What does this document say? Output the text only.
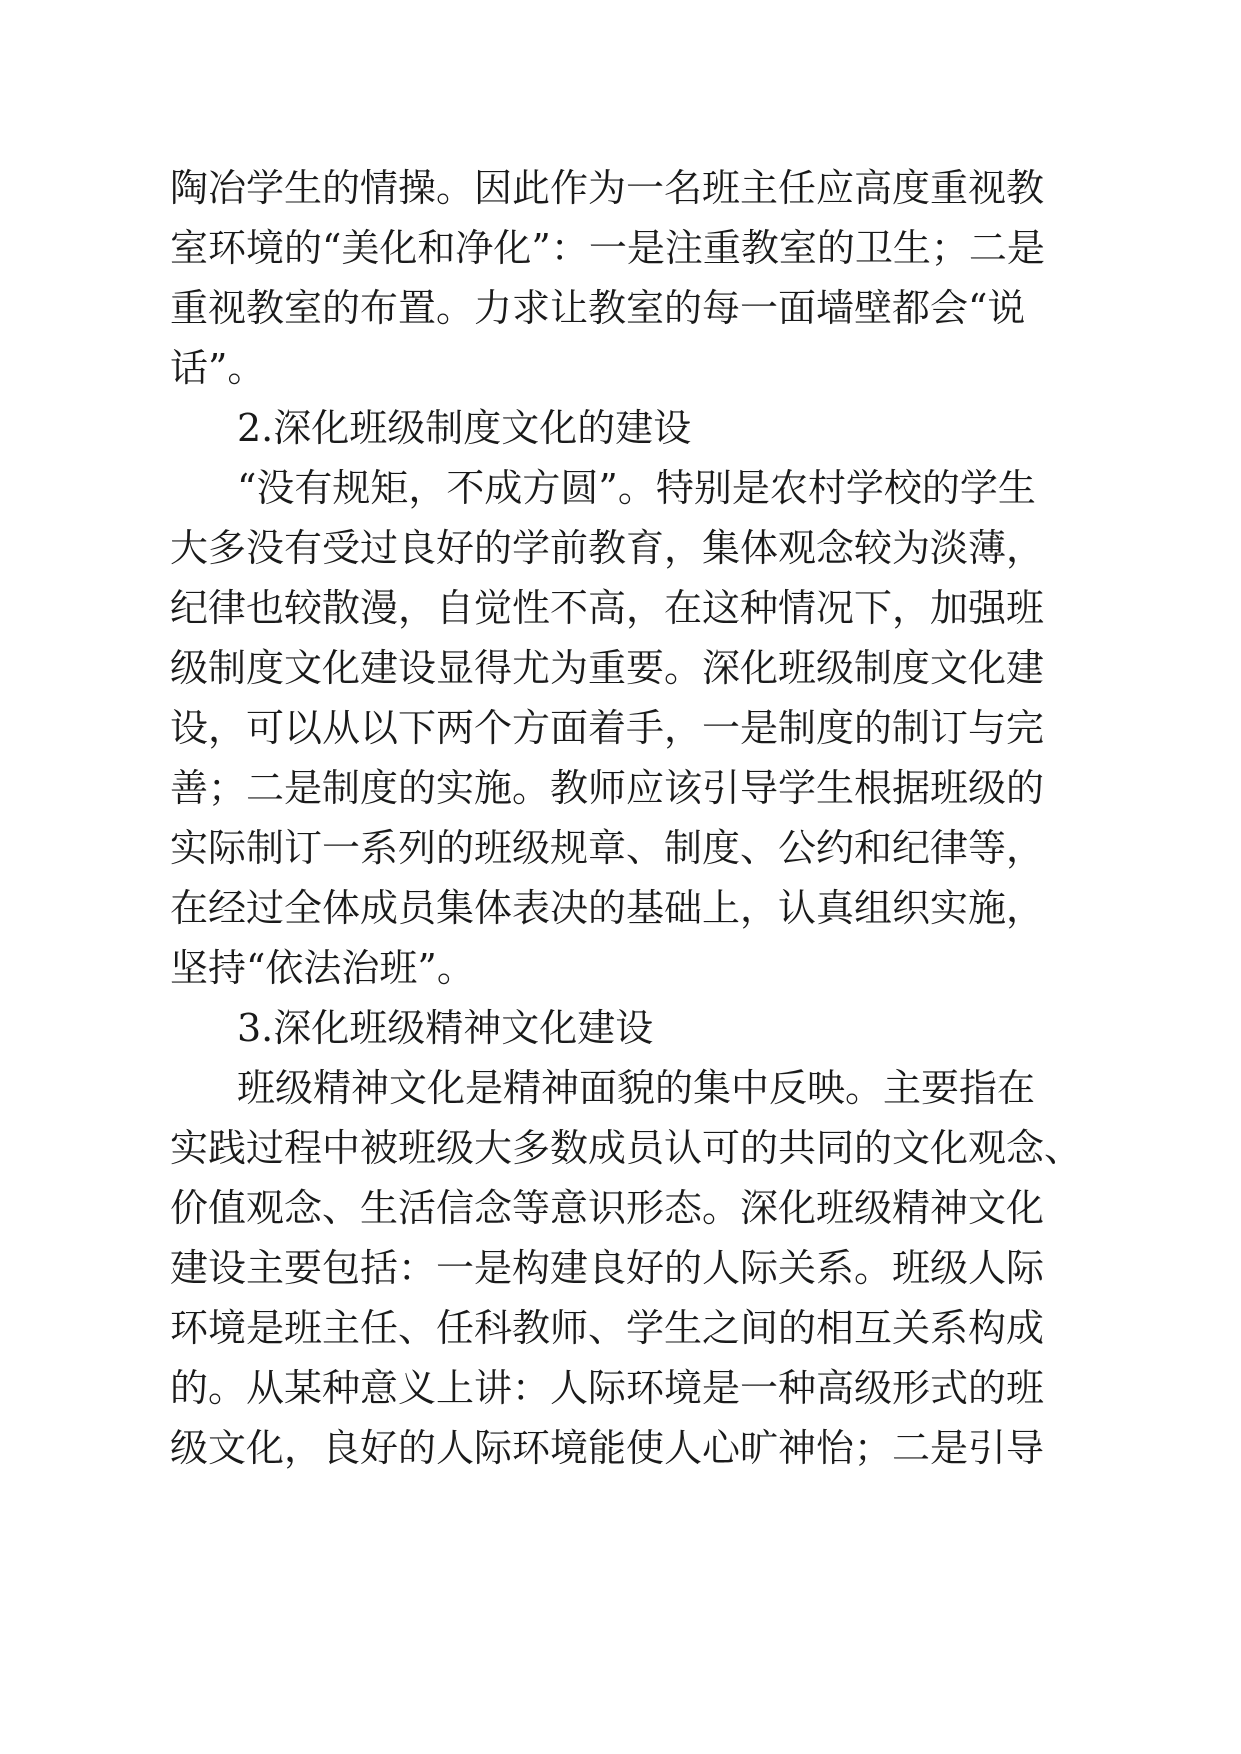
陶冶学生的情操。因此作为一名班主任应高度重视教
室环境的“美化和净化”：一是注重教室的卫生；二是
重视教室的布置。力求让教室的每一面墙壁都会“说
话”。
2.深化班级制度文化的建设
“没有规矩，不成方圆”。特别是农村学校的学生
大多没有受过良好的学前教育，集体观念较为淡薄，
纪律也较散漫，自觉性不高，在这种情况下，加强班
级制度文化建设显得尤为重要。深化班级制度文化建
设，可以从以下两个方面着手，一是制度的制订与完
善；二是制度的实施。教师应该引导学生根据班级的
实际制订一系列的班级规章、制度、公约和纪律等，
在经过全体成员集体表决的基础上，认真组织实施，
坚持“依法治班”。
3.深化班级精神文化建设
班级精神文化是精神面貌的集中反映。主要指在
实践过程中被班级大多数成员认可的共同的文化观念、
价值观念、生活信念等意识形态。深化班级精神文化
建设主要包括：一是构建良好的人际关系。班级人际
环境是班主任、任科教师、学生之间的相互关系构成
的。从某种意义上讲：人际环境是一种高级形式的班
级文化，良好的人际环境能使人心旷神怡；二是引导
